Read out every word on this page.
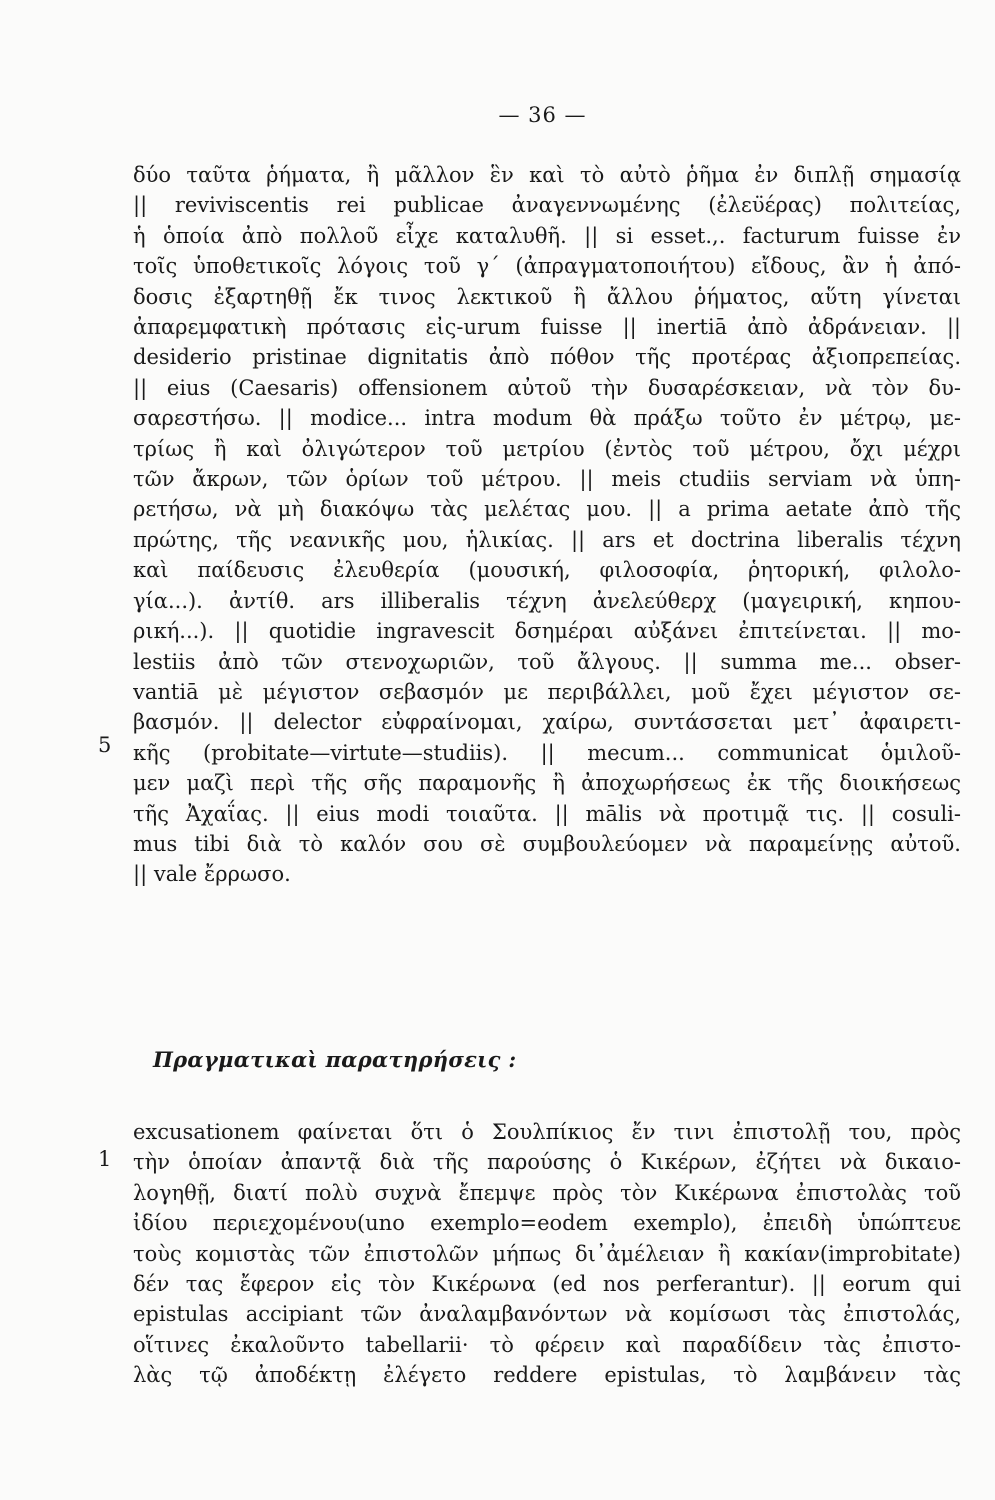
— 36 —
δύο ταῦτα ῥήματα, ἢ μᾶλλον ἓν καὶ τὸ αὐτὸ ῥῆμα ἐν διπλῇ σημασίᾳ
|| reviviscentis rei publicae ἀναγεννωμένης (ἐλευ͏̈έρας) πολιτείας,
ἡ ὁποία ἀπὸ πολλοῦ εἶχε καταλυθῆ. || si esset.,. facturum fuisse ἐν
τοῖς ὑποθετικοῖς λόγοις τοῦ γ΄ (ἀπραγματοποιήτου) εἴδους, ἂν ἡ ἀπό-
δοσις ἐξαρτηθῇ ἔκ τινος λεκτικοῦ ἢ ἄλλου ῥήματος, αὕτη γίνεται
ἀπαρεμφατικὴ πρότασις εἰς-urum fuisse || inertiā ἀπὸ ἀδράνειαν. ||
desiderio pristinae dignitatis ἀπὸ πόθον τῆς προτέρας ἀξιοπρεπείας.
|| eius (Caesaris) offensionem αὐτοῦ τὴν δυσαρέσκειαν, νὰ τὸν δυ-
σαρεστήσω. || modice... intra modum θὰ πράξω τοῦτο ἐν μέτρῳ, με-
τρίως ἢ καὶ ὀλιγώτερον τοῦ μετρίου (ἐντὸς τοῦ μέτρου, ὄχι μέχρι
τῶν ἄκρων, τῶν ὁρίων τοῦ μέτρου. || meis ctudiis serviam νὰ ὑπη-
ρετήσω, νὰ μὴ διακόψω τὰς μελέτας μου. || a prima aetate ἀπὸ τῆς
πρώτης, τῆς νεανικῆς μου, ἡλικίας. || ars et doctrina liberalis τέχνη
καὶ παίδευσις ἐλευθερία (μουσική, φιλοσοφία, ῥητορική, φιλολο-
γία...). ἀντίθ. ars illiberalis τέχνη ἀνελεύθερχ (μαγειρική, κηπου-
ρική...). || quotidie ingravescit δσημέραι αὐξάνει ἐπιτείνεται. || mo-
lestiis ἀπὸ τῶν στενοχωριῶν, τοῦ ἄλγους. || summa me... obser-
vantiā μὲ μέγιστον σεβασμόν με περιβάλλει, μοῦ ἔχει μέγιστον σε-
βασμόν. || delector εὐφραίνομαι, χαίρω, συντάσσεται μετ᾽ ἀφαιρετι-
κῆς (probitate—virtute—studiis). || mecum... communicat ὁμιλοῦ-
μεν μαζὶ περὶ τῆς σῆς παραμονῆς ἢ ἀποχωρήσεως ἐκ τῆς διοικήσεως
τῆς Ἀχαΐας. || eius modi τοιαῦτα. || mālis νὰ προτιμᾷ τις. || cosuli-
mus tibi διὰ τὸ καλόν σου σὲ συμβουλεύομεν νὰ παραμείνῃς αὐτοῦ.
|| vale ἔρρωσο.
5
Πραγματικαὶ παρατηρήσεις :
1
excusationem φαίνεται ὅτι ὁ Σουλπίκιος ἔν τινι ἐπιστολῇ του, πρὸς
τὴν ὁποίαν ἀπαντᾷ διὰ τῆς παρούσης ὁ Κικέρων, ἐζήτει νὰ δικαιο-
λογηθῇ, διατί πολὺ συχνὰ ἔπεμψε πρὸς τὸν Κικέρωνα ἐπιστολὰς τοῦ
ἰδίου περιεχομένου(uno exemplo=eodem exemplo), ἐπειδὴ ὑπώπτευε
τοὺς κομιστὰς τῶν ἐπιστολῶν μήπως δι᾽ἀμέλειαν ἢ κακίαν(improbitate)
δέν τας ἔφερον εἰς τὸν Κικέρωνα (ed nos perferantur). || eorum qui
epistulas accipiant τῶν ἀναλαμβανόντων νὰ κομίσωσι τὰς ἐπιστολάς,
οἵτινες ἐκαλοῦντο tabellarii· τὸ φέρειν καὶ παραδίδειν τὰς ἐπιστο-
λὰς τῷ ἀποδέκτῃ ἐλέγετο reddere epistulas, τὸ λαμβάνειν τὰς
